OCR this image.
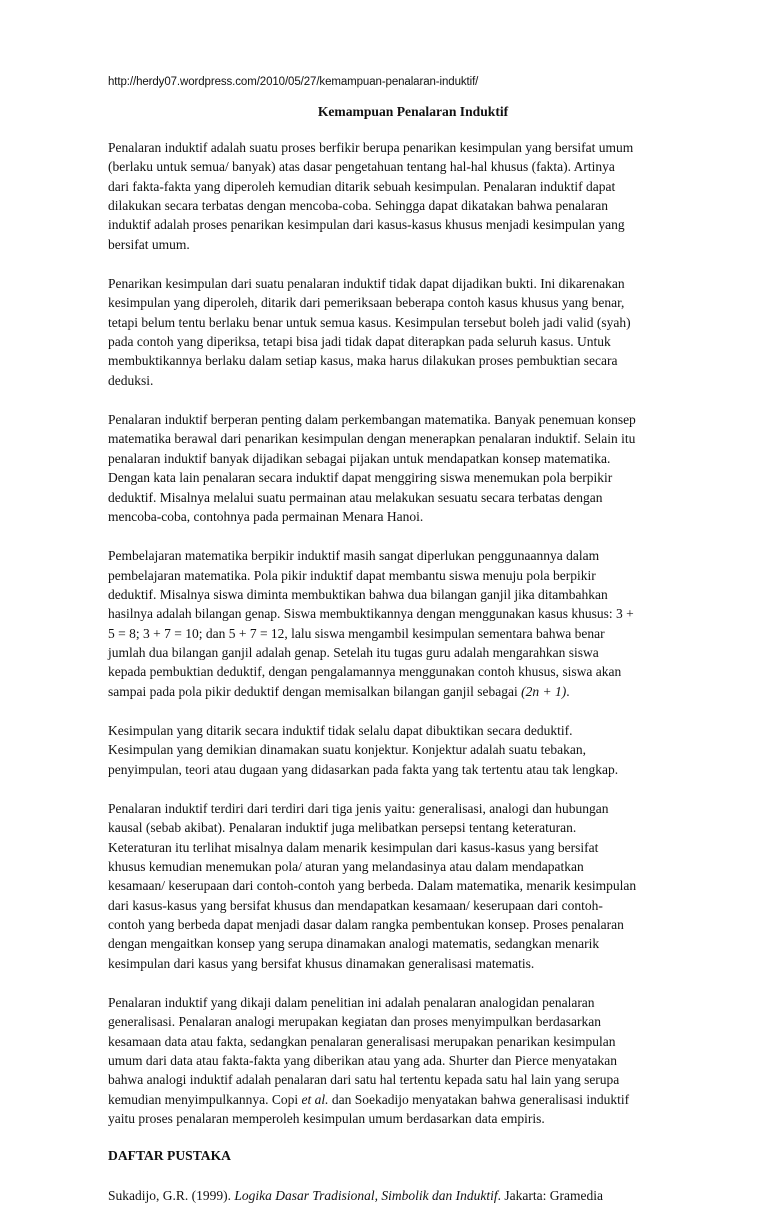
http://herdy07.wordpress.com/2010/05/27/kemampuan-penalaran-induktif/
Kemampuan Penalaran Induktif
Penalaran induktif adalah suatu proses berfikir berupa penarikan kesimpulan yang bersifat umum
(berlaku untuk semua/ banyak) atas dasar pengetahuan tentang hal-hal khusus (fakta). Artinya
dari fakta-fakta yang diperoleh kemudian ditarik sebuah kesimpulan. Penalaran induktif dapat
dilakukan secara terbatas dengan mencoba-coba. Sehingga dapat dikatakan bahwa penalaran
induktif adalah proses penarikan kesimpulan dari kasus-kasus khusus menjadi kesimpulan yang
bersifat umum.
Penarikan kesimpulan dari suatu penalaran induktif tidak dapat dijadikan bukti. Ini dikarenakan
kesimpulan yang diperoleh, ditarik dari pemeriksaan beberapa contoh kasus khusus yang benar,
tetapi belum tentu berlaku benar untuk semua kasus. Kesimpulan tersebut boleh jadi valid (syah)
pada contoh yang diperiksa, tetapi bisa jadi tidak dapat diterapkan pada seluruh kasus. Untuk
membuktikannya berlaku dalam setiap kasus, maka harus dilakukan proses pembuktian secara
deduksi.
Penalaran induktif berperan penting dalam perkembangan matematika. Banyak penemuan konsep
matematika berawal dari penarikan kesimpulan dengan menerapkan penalaran induktif. Selain itu
penalaran induktif banyak dijadikan sebagai pijakan untuk mendapatkan konsep matematika.
Dengan kata lain penalaran secara induktif dapat menggiring siswa menemukan pola berpikir
deduktif. Misalnya melalui suatu permainan atau melakukan sesuatu secara terbatas dengan
mencoba-coba, contohnya pada permainan Menara Hanoi.
Pembelajaran matematika berpikir induktif masih sangat diperlukan penggunaannya dalam
pembelajaran matematika. Pola pikir induktif dapat membantu siswa menuju pola berpikir
deduktif. Misalnya siswa diminta membuktikan bahwa dua bilangan ganjil jika ditambahkan
hasilnya adalah bilangan genap. Siswa membuktikannya dengan menggunakan kasus khusus: 3 +
5 = 8; 3 + 7 = 10; dan 5 + 7 = 12, lalu siswa mengambil kesimpulan sementara bahwa benar
jumlah dua bilangan ganjil adalah genap. Setelah itu tugas guru adalah mengarahkan siswa
kepada pembuktian deduktif, dengan pengalamannya menggunakan contoh khusus, siswa akan
sampai pada pola pikir deduktif dengan memisalkan bilangan ganjil sebagai (2n + 1).
Kesimpulan yang ditarik secara induktif tidak selalu dapat dibuktikan secara deduktif.
Kesimpulan yang demikian dinamakan suatu konjektur. Konjektur adalah suatu tebakan,
penyimpulan, teori atau dugaan yang didasarkan pada fakta yang tak tertentu atau tak lengkap.
Penalaran induktif terdiri dari terdiri dari tiga jenis yaitu: generalisasi, analogi dan hubungan
kausal (sebab akibat). Penalaran induktif juga melibatkan persepsi tentang keteraturan.
Keteraturan itu terlihat misalnya dalam menarik kesimpulan dari kasus-kasus yang bersifat
khusus kemudian menemukan pola/ aturan yang melandasinya atau dalam mendapatkan
kesamaan/ keserupaan dari contoh-contoh yang berbeda. Dalam matematika, menarik kesimpulan
dari kasus-kasus yang bersifat khusus dan mendapatkan kesamaan/ keserupaan dari contoh-
contoh yang berbeda dapat menjadi dasar dalam rangka pembentukan konsep. Proses penalaran
dengan mengaitkan konsep yang serupa dinamakan analogi matematis, sedangkan menarik
kesimpulan dari kasus yang bersifat khusus dinamakan generalisasi matematis.
Penalaran induktif yang dikaji dalam penelitian ini adalah penalaran analogidan penalaran
generalisasi. Penalaran analogi merupakan kegiatan dan proses menyimpulkan berdasarkan
kesamaan data atau fakta, sedangkan penalaran generalisasi merupakan penarikan kesimpulan
umum dari data atau fakta-fakta yang diberikan atau yang ada. Shurter dan Pierce menyatakan
bahwa analogi induktif adalah penalaran dari satu hal tertentu kepada satu hal lain yang serupa
kemudian menyimpulkannya. Copi et al. dan Soekadijo menyatakan bahwa generalisasi induktif
yaitu proses penalaran memperoleh kesimpulan umum berdasarkan data empiris.
DAFTAR PUSTAKA
Sukadijo, G.R. (1999). Logika Dasar Tradisional, Simbolik dan Induktif. Jakarta: Gramedia
